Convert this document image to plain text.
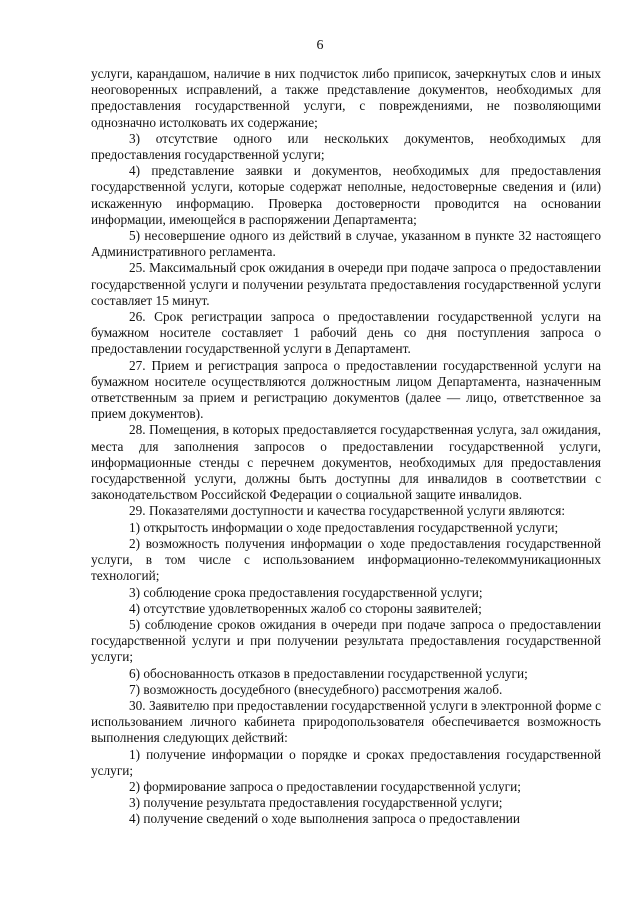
6

услуги, карандашом, наличие в них подчисток либо приписок, зачеркнутых слов и иных неоговоренных исправлений, а также представление документов, необходимых для предоставления государственной услуги, с повреждениями, не позволяющими однозначно истолковать их содержание;

3) отсутствие одного или нескольких документов, необходимых для предоставления государственной услуги;

4) представление заявки и документов, необходимых для предоставления государственной услуги, которые содержат неполные, недостоверные сведения и (или) искаженную информацию. Проверка достоверности проводится на основании информации, имеющейся в распоряжении Департамента;

5) несовершение одного из действий в случае, указанном в пункте 32 настоящего Административного регламента.

25. Максимальный срок ожидания в очереди при подаче запроса о предоставлении государственной услуги и получении результата предоставления государственной услуги составляет 15 минут.

26. Срок регистрации запроса о предоставлении государственной услуги на бумажном носителе составляет 1 рабочий день со дня поступления запроса о предоставлении государственной услуги в Департамент.

27. Прием и регистрация запроса о предоставлении государственной услуги на бумажном носителе осуществляются должностным лицом Департамента, назначенным ответственным за прием и регистрацию документов (далее — лицо, ответственное за прием документов).

28. Помещения, в которых предоставляется государственная услуга, зал ожидания, места для заполнения запросов о предоставлении государственной услуги, информационные стенды с перечнем документов, необходимых для предоставления государственной услуги, должны быть доступны для инвалидов в соответствии с законодательством Российской Федерации о социальной защите инвалидов.

29. Показателями доступности и качества государственной услуги являются:

1) открытость информации о ходе предоставления государственной услуги;

2) возможность получения информации о ходе предоставления государственной услуги, в том числе с использованием информационно-телекоммуникационных технологий;

3) соблюдение срока предоставления государственной услуги;

4) отсутствие удовлетворенных жалоб со стороны заявителей;

5) соблюдение сроков ожидания в очереди при подаче запроса о предоставлении государственной услуги и при получении результата предоставления государственной услуги;

6) обоснованность отказов в предоставлении государственной услуги;

7) возможность досудебного (внесудебного) рассмотрения жалоб.

30. Заявителю при предоставлении государственной услуги в электронной форме с использованием личного кабинета природопользователя обеспечивается возможность выполнения следующих действий:

1) получение информации о порядке и сроках предоставления государственной услуги;

2) формирование запроса о предоставлении государственной услуги;

3) получение результата предоставления государственной услуги;

4) получение сведений о ходе выполнения запроса о предоставлении
